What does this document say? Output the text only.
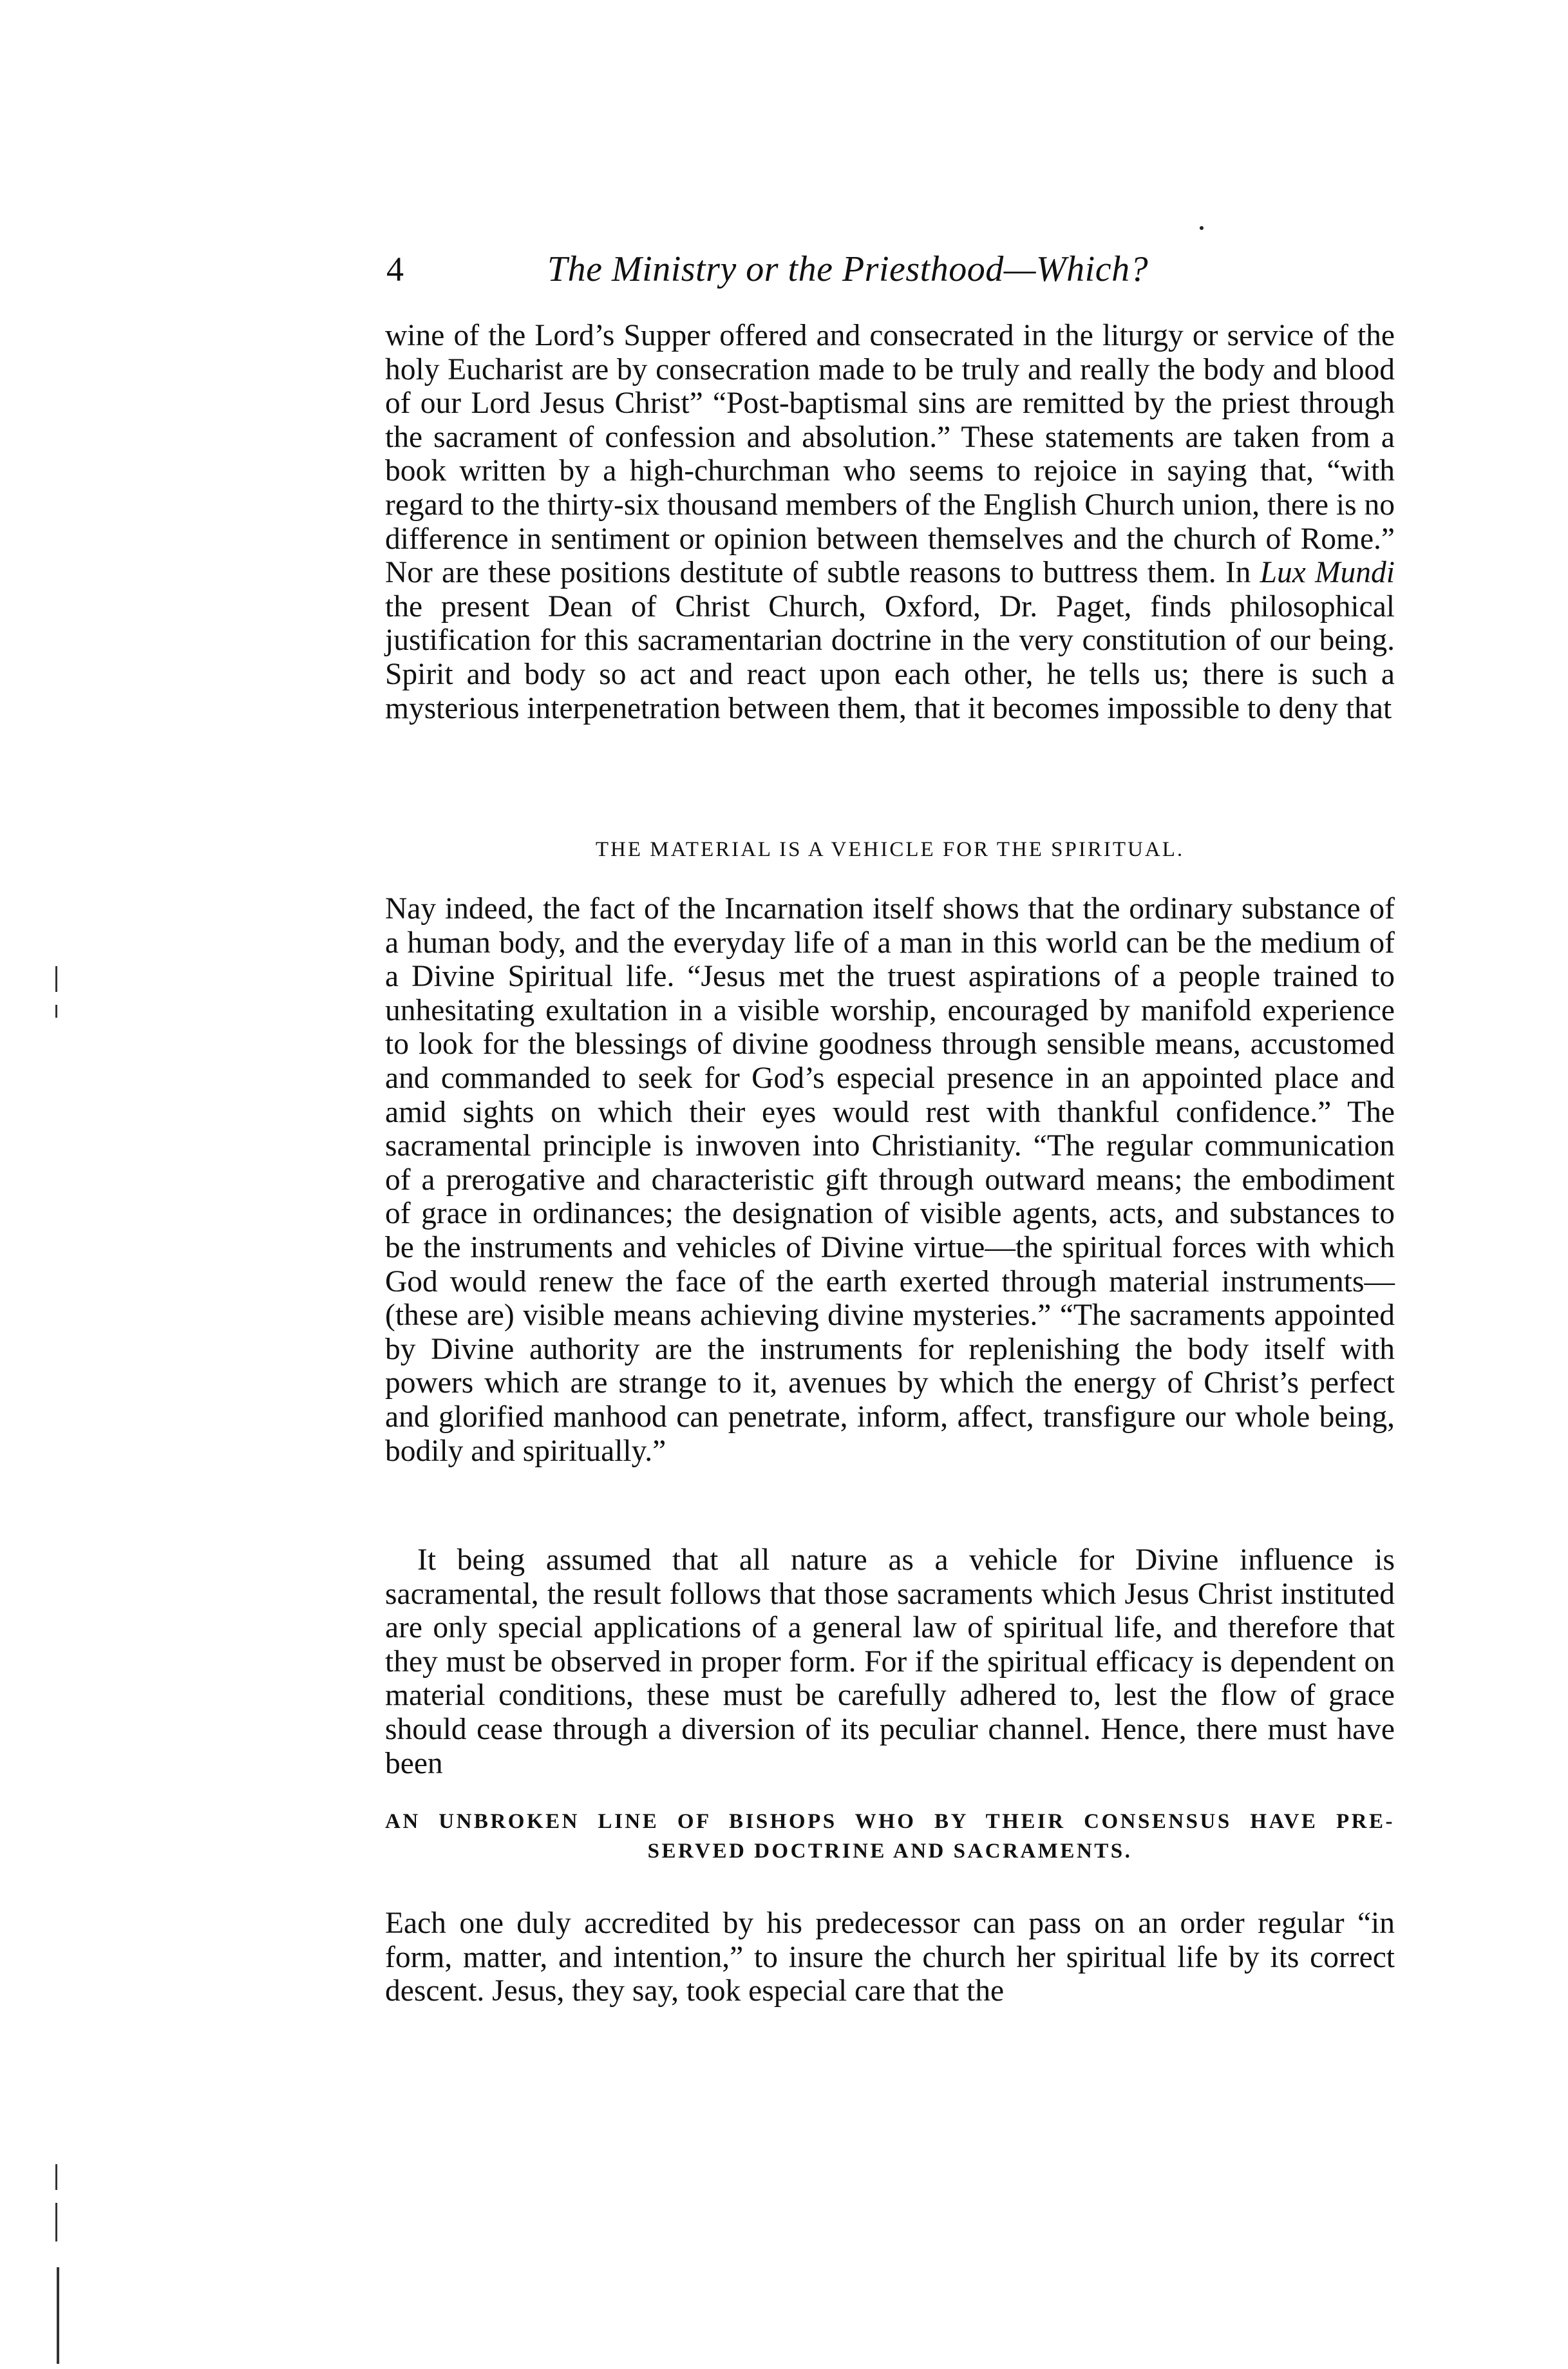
4	The Ministry or the Priesthood—Which?
wine of the Lord’s Supper offered and consecrated in the liturgy or service of the holy Eucharist are by consecration made to be truly and really the body and blood of our Lord Jesus Christ” “Post-baptismal sins are remitted by the priest through the sacrament of confession and absolution.” These statements are taken from a book written by a high-churchman who seems to rejoice in saying that, “with regard to the thirty-six thousand members of the English Church union, there is no difference in sentiment or opinion between themselves and the church of Rome.” Nor are these positions destitute of subtle reasons to buttress them. In Lux Mundi the present Dean of Christ Church, Oxford, Dr. Paget, finds philosophical justification for this sacramentarian doctrine in the very constitution of our being. Spirit and body so act and react upon each other, he tells us; there is such a mysterious interpenetration between them, that it becomes impossible to deny that
THE MATERIAL IS A VEHICLE FOR THE SPIRITUAL.
Nay indeed, the fact of the Incarnation itself shows that the ordinary substance of a human body, and the everyday life of a man in this world can be the medium of a Divine Spiritual life. “Jesus met the truest aspirations of a people trained to unhesitating exultation in a visible worship, encouraged by manifold experience to look for the blessings of divine goodness through sensible means, accustomed and commanded to seek for God’s especial presence in an appointed place and amid sights on which their eyes would rest with thankful confidence.” The sacramental principle is inwoven into Christianity. “The regular communication of a prerogative and characteristic gift through outward means; the embodiment of grace in ordinances; the designation of visible agents, acts, and substances to be the instruments and vehicles of Divine virtue—the spiritual forces with which God would renew the face of the earth exerted through material instruments—(these are) visible means achieving divine mysteries.” “The sacraments appointed by Divine authority are the instruments for replenishing the body itself with powers which are strange to it, avenues by which the energy of Christ’s perfect and glorified manhood can penetrate, inform, affect, transfigure our whole being, bodily and spiritually.”
It being assumed that all nature as a vehicle for Divine influence is sacramental, the result follows that those sacraments which Jesus Christ instituted are only special applications of a general law of spiritual life, and therefore that they must be observed in proper form. For if the spiritual efficacy is dependent on material conditions, these must be carefully adhered to, lest the flow of grace should cease through a diversion of its peculiar channel. Hence, there must have been
AN UNBROKEN LINE OF BISHOPS WHO BY THEIR CONSENSUS HAVE PRE-
SERVED DOCTRINE AND SACRAMENTS.
Each one duly accredited by his predecessor can pass on an order regular “in form, matter, and intention,” to insure the church her spiritual life by its correct descent. Jesus, they say, took especial care that the
